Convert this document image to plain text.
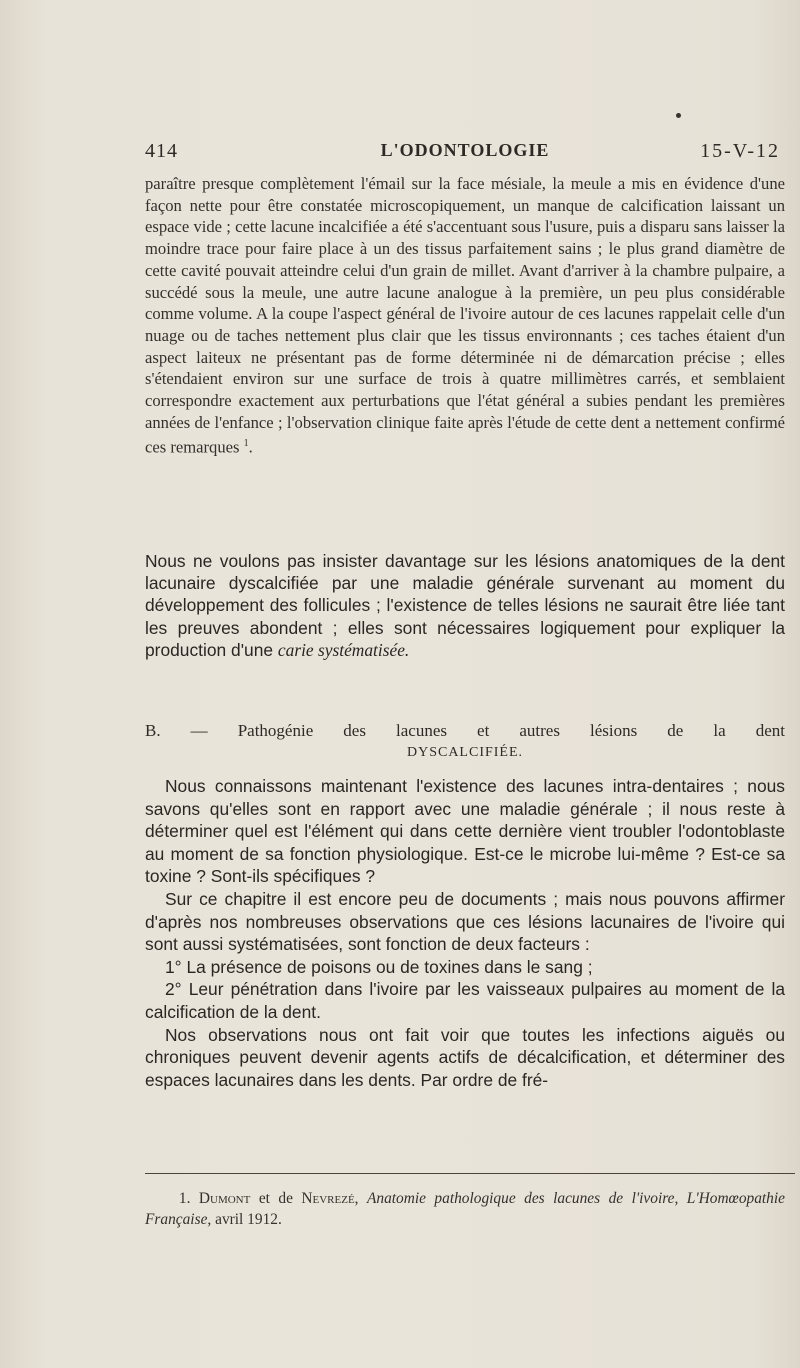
414	L'ODONTOLOGIE	15-V-12
paraître presque complètement l'émail sur la face mésiale, la meule a mis en évidence d'une façon nette pour être constatée microscopiquement, un manque de calcification laissant un espace vide ; cette lacune incalcifiée a été s'accentuant sous l'usure, puis a disparu sans laisser la moindre trace pour faire place à un des tissus parfaitement sains ; le plus grand diamètre de cette cavité pouvait atteindre celui d'un grain de millet. Avant d'arriver à la chambre pulpaire, a succédé sous la meule, une autre lacune analogue à la première, un peu plus considérable comme volume. A la coupe l'aspect général de l'ivoire autour de ces lacunes rappelait celle d'un nuage ou de taches nettement plus clair que les tissus environnants ; ces taches étaient d'un aspect laiteux ne présentant pas de forme déterminée ni de démarcation précise ; elles s'étendaient environ sur une surface de trois à quatre millimètres carrés, et semblaient correspondre exactement aux perturbations que l'état général a subies pendant les premières années de l'enfance ; l'observation clinique faite après l'étude de cette dent a nettement confirmé ces remarques $^1$.
Nous ne voulons pas insister davantage sur les lésions anatomiques de la dent lacunaire dyscalcifiée par une maladie générale survenant au moment du développement des follicules ; l'existence de telles lésions ne saurait être liée tant les preuves abondent ; elles sont nécessaires logiquement pour expliquer la production d'une carie systématisée.
B. — Pathogénie des lacunes et autres lésions de la dent
DYSCALCIFIÉE.

Nous connaissons maintenant l'existence des lacunes intra-dentaires ; nous savons qu'elles sont en rapport avec une maladie générale ; il nous reste à déterminer quel est l'élément qui dans cette dernière vient troubler l'odontoblaste au moment de sa fonction physiologique. Est-ce le microbe lui-même ? Est-ce sa toxine ? Sont-ils spécifiques ?

Sur ce chapitre il est encore peu de documents ; mais nous pouvons affirmer d'après nos nombreuses observations que ces lésions lacunaires de l'ivoire qui sont aussi systématisées, sont fonction de deux facteurs :

1° La présence de poisons ou de toxines dans le sang ;

2° Leur pénétration dans l'ivoire par les vaisseaux pulpaires au moment de la calcification de la dent.

Nos observations nous ont fait voir que toutes les infections aiguës ou chroniques peuvent devenir agents actifs de décalcification, et déterminer des espaces lacunaires dans les dents. Par ordre de fré-

1. Dumont et de Nevrezé, Anatomie pathologique des lacunes de l'ivoire, L'Homœopathie Française, avril 1912.
